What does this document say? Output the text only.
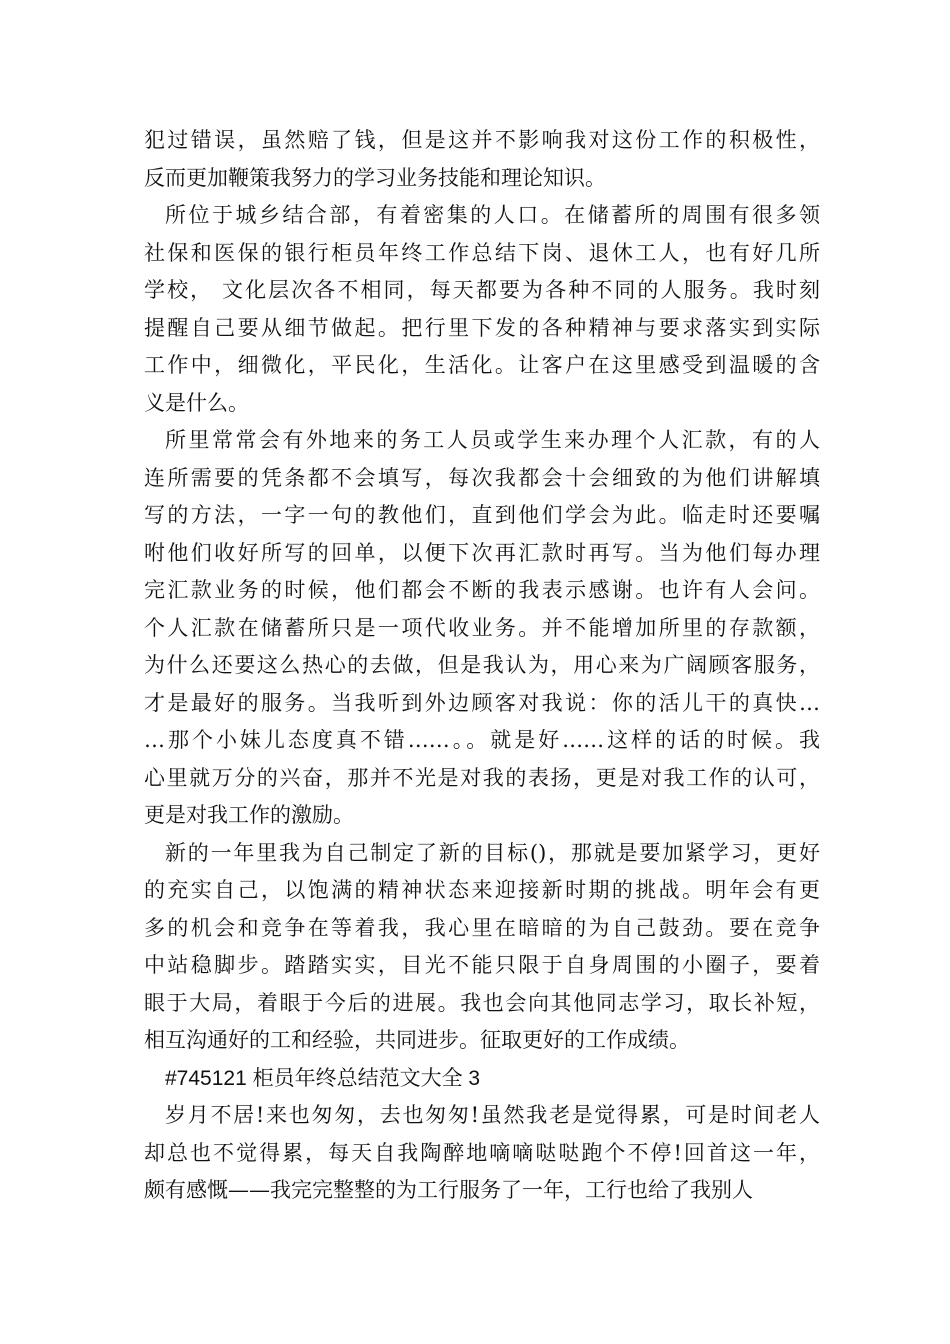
犯过错误，虽然赔了钱，但是这并不影响我对这份工作的积极性，
反而更加鞭策我努力的学习业务技能和理论知识。
所位于城乡结合部，有着密集的人口。在储蓄所的周围有很多领
社保和医保的银行柜员年终工作总结下岗、退休工人，也有好几所
学校， 文化层次各不相同，每天都要为各种不同的人服务。我时刻
提醒自己要从细节做起。把行里下发的各种精神与要求落实到实际
工作中，细微化，平民化，生活化。让客户在这里感受到温暖的含
义是什么。
所里常常会有外地来的务工人员或学生来办理个人汇款，有的人
连所需要的凭条都不会填写，每次我都会十会细致的为他们讲解填
写的方法，一字一句的教他们，直到他们学会为此。临走时还要嘱
咐他们收好所写的回单，以便下次再汇款时再写。当为他们每办理
完汇款业务的时候，他们都会不断的我表示感谢。也许有人会问。
个人汇款在储蓄所只是一项代收业务。并不能增加所里的存款额，
为什么还要这么热心的去做，但是我认为，用心来为广阔顾客服务，
才是最好的服务。当我听到外边顾客对我说：你的活儿干的真快…
…那个小妹儿态度真不错……。。就是好……这样的话的时候。我
心里就万分的兴奋，那并不光是对我的表扬，更是对我工作的认可，
更是对我工作的激励。
新的一年里我为自己制定了新的目标()，那就是要加紧学习，更好
的充实自己，以饱满的精神状态来迎接新时期的挑战。明年会有更
多的机会和竞争在等着我，我心里在暗暗的为自己鼓劲。要在竞争
中站稳脚步。踏踏实实，目光不能只限于自身周围的小圈子，要着
眼于大局，着眼于今后的进展。我也会向其他同志学习，取长补短，
相互沟通好的工和经验，共同进步。征取更好的工作成绩。
#745121 柜员年终总结范文大全 3
岁月不居!来也匆匆，去也匆匆!虽然我老是觉得累，可是时间老人
却总也不觉得累，每天自我陶醉地嘀嘀哒哒跑个不停!回首这一年，
颇有感慨——我完完整整的为工行服务了一年，工行也给了我别人
